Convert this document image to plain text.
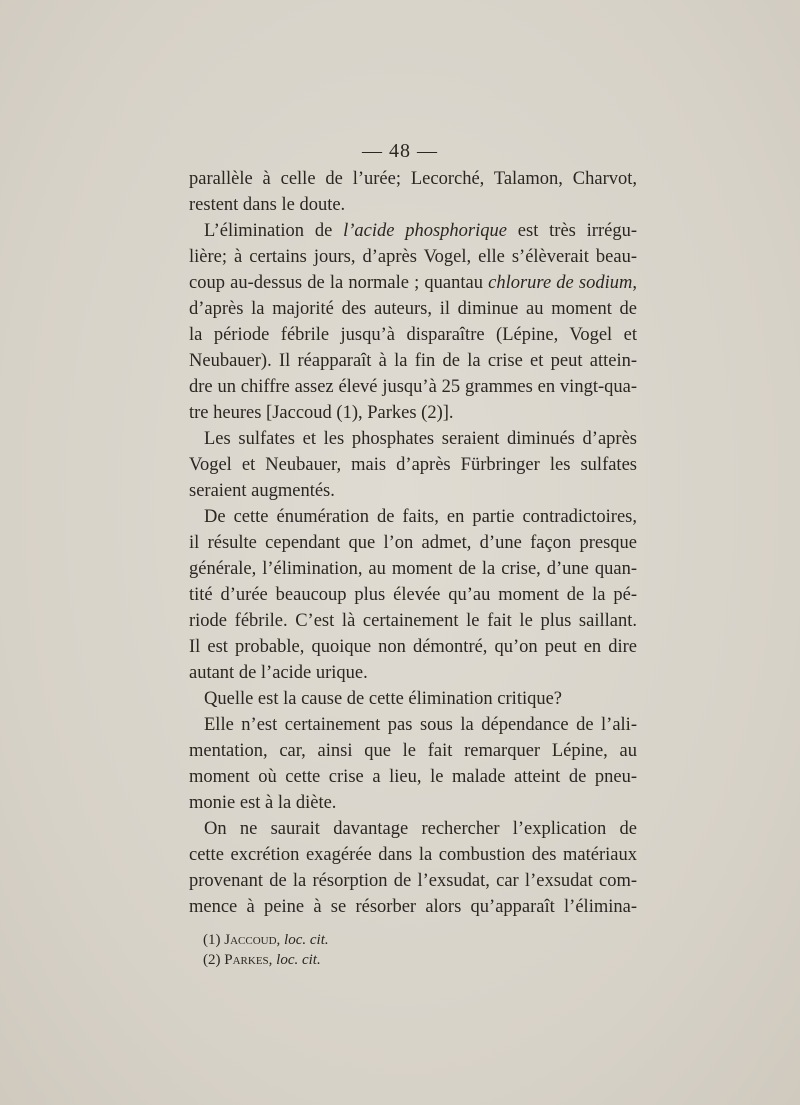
— 48 —
parallèle à celle de l’urée; Lecorché, Talamon, Charvot,
restent dans le doute.
L’élimination de l’acide phosphorique est très irrégu-
lière; à certains jours, d’après Vogel, elle s’élèverait beau-
coup au-dessus de la normale ; quantau chlorure de sodium,
d’après la majorité des auteurs, il diminue au moment de
la période fébrile jusqu’à disparaître (Lépine, Vogel et
Neubauer). Il réapparaît à la fin de la crise et peut attein-
dre un chiffre assez élevé jusqu’à 25 grammes en vingt-qua-
tre heures [Jaccoud (1), Parkes (2)].
Les sulfates et les phosphates seraient diminués d’après
Vogel et Neubauer, mais d’après Fürbringer les sulfates
seraient augmentés.
De cette énumération de faits, en partie contradictoires,
il résulte cependant que l’on admet, d’une façon presque
générale, l’élimination, au moment de la crise, d’une quan-
tité d’urée beaucoup plus élevée qu’au moment de la pé-
riode fébrile. C’est là certainement le fait le plus saillant.
Il est probable, quoique non démontré, qu’on peut en dire
autant de l’acide urique.
Quelle est la cause de cette élimination critique?
Elle n’est certainement pas sous la dépendance de l’ali-
mentation, car, ainsi que le fait remarquer Lépine, au
moment où cette crise a lieu, le malade atteint de pneu-
monie est à la diète.
On ne saurait davantage rechercher l’explication de
cette excrétion exagérée dans la combustion des matériaux
provenant de la résorption de l’exsudat, car l’exsudat com-
mence à peine à se résorber alors qu’apparaît l’élimina-
(1) Jaccoud, loc. cit.
(2) Parkes, loc. cit.
